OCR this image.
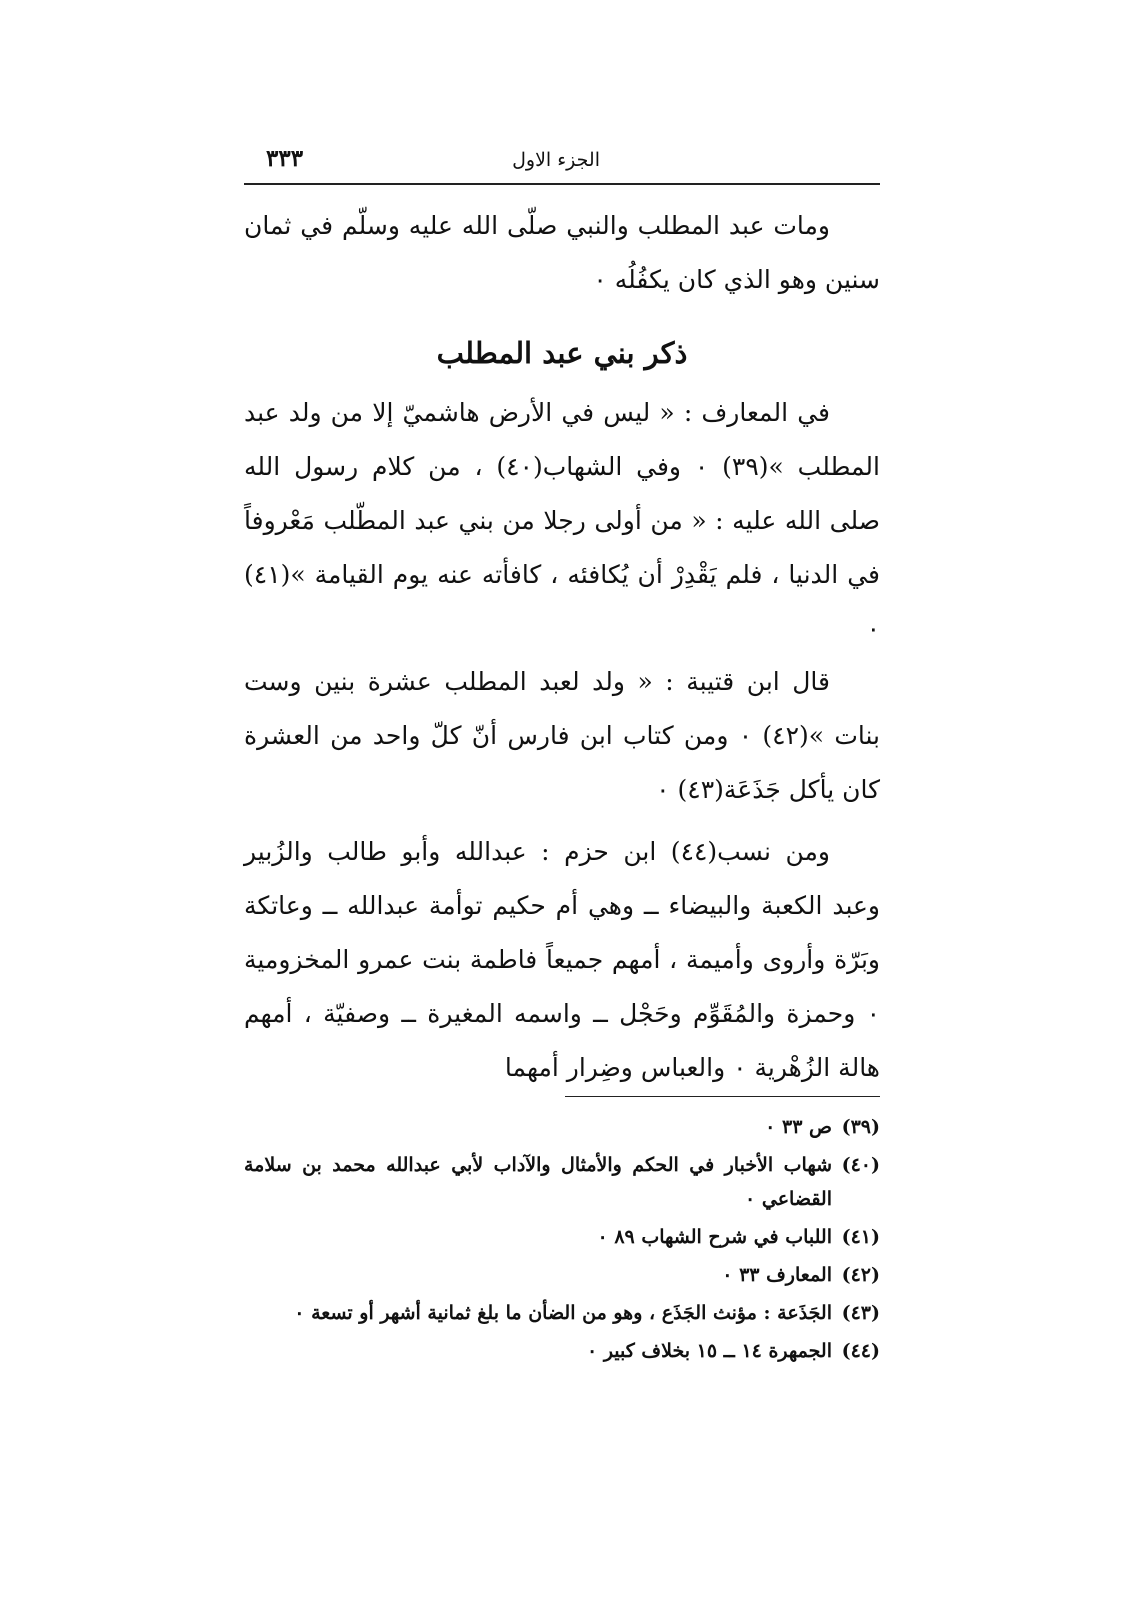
الجزء الاول
٣٣٣

ومات عبد المطلب والنبي صلّى الله عليه وسلّم في ثمان سنين وهو الذي كان يكفُلُه ٠

ذكر بني عبد المطلب

في المعارف : « ليس في الأرض هاشميّ إلا من ولد عبد المطلب »(٣٩) ٠ وفي الشهاب(٤٠) ، من كلام رسول الله صلى الله عليه : « من أولى رجلا من بني عبد المطّلب مَعْروفاً في الدنيا ، فلم يَقْدِرْ أن يُكافئه ، كافأته عنه يوم القيامة »(٤١) ٠

قال ابن قتيبة : « ولد لعبد المطلب عشرة بنين وست بنات »(٤٢) ٠ ومن كتاب ابن فارس أنّ كلّ واحد من العشرة كان يأكل جَذَعَة(٤٣) ٠

ومن نسب(٤٤) ابن حزم : عبدالله وأبو طالب والزُبير وعبد الكعبة والبيضاء ــ وهي أم حكيم توأمة عبدالله ــ وعاتكة وبَرّة وأروى وأميمة ، أمهم جميعاً فاطمة بنت عمرو المخزومية ٠ وحمزة والمُقَوِّم وحَجْل ــ واسمه المغيرة ــ وصفيّة ، أمهم هالة الزُهْرية ٠ والعباس وضِرار أمهما

(٣٩)
ص ٣٣ ٠
(٤٠)
شهاب الأخبار في الحكم والأمثال والآداب لأبي عبدالله محمد بن سلامة القضاعي ٠
(٤١)
اللباب في شرح الشهاب ٨٩ ٠
(٤٢)
المعارف ٣٣ ٠
(٤٣)
الجَذَعة : مؤنث الجَذَع ، وهو من الضأن ما بلغ ثمانية أشهر أو تسعة ٠
(٤٤)
الجمهرة ١٤ ــ ١٥ بخلاف كبير ٠
